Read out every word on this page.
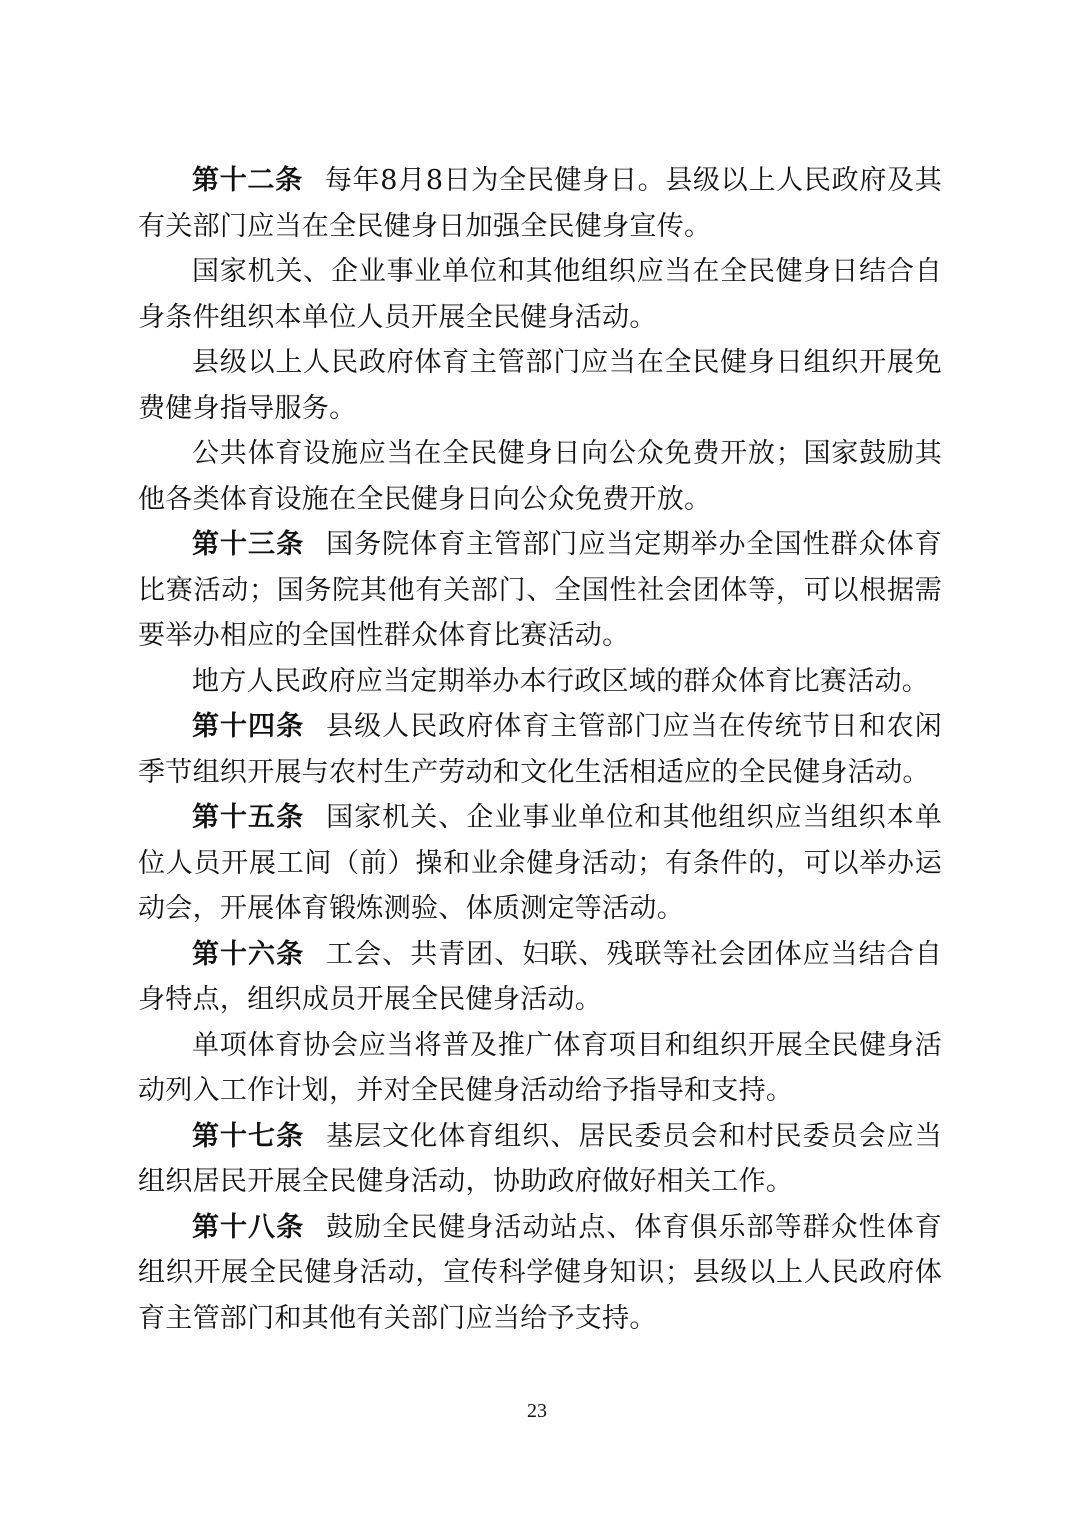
第十二条 每年8月8日为全民健身日。县级以上人民政府及其有关部门应当在全民健身日加强全民健身宣传。

国家机关、企业事业单位和其他组织应当在全民健身日结合自身条件组织本单位人员开展全民健身活动。

县级以上人民政府体育主管部门应当在全民健身日组织开展免费健身指导服务。

公共体育设施应当在全民健身日向公众免费开放；国家鼓励其他各类体育设施在全民健身日向公众免费开放。

第十三条 国务院体育主管部门应当定期举办全国性群众体育比赛活动；国务院其他有关部门、全国性社会团体等，可以根据需要举办相应的全国性群众体育比赛活动。

地方人民政府应当定期举办本行政区域的群众体育比赛活动。

第十四条 县级人民政府体育主管部门应当在传统节日和农闲季节组织开展与农村生产劳动和文化生活相适应的全民健身活动。

第十五条 国家机关、企业事业单位和其他组织应当组织本单位人员开展工间（前）操和业余健身活动；有条件的，可以举办运动会，开展体育锻炼测验、体质测定等活动。

第十六条 工会、共青团、妇联、残联等社会团体应当结合自身特点，组织成员开展全民健身活动。

单项体育协会应当将普及推广体育项目和组织开展全民健身活动列入工作计划，并对全民健身活动给予指导和支持。

第十七条 基层文化体育组织、居民委员会和村民委员会应当组织居民开展全民健身活动，协助政府做好相关工作。

第十八条 鼓励全民健身活动站点、体育俱乐部等群众性体育组织开展全民健身活动，宣传科学健身知识；县级以上人民政府体育主管部门和其他有关部门应当给予支持。

23
